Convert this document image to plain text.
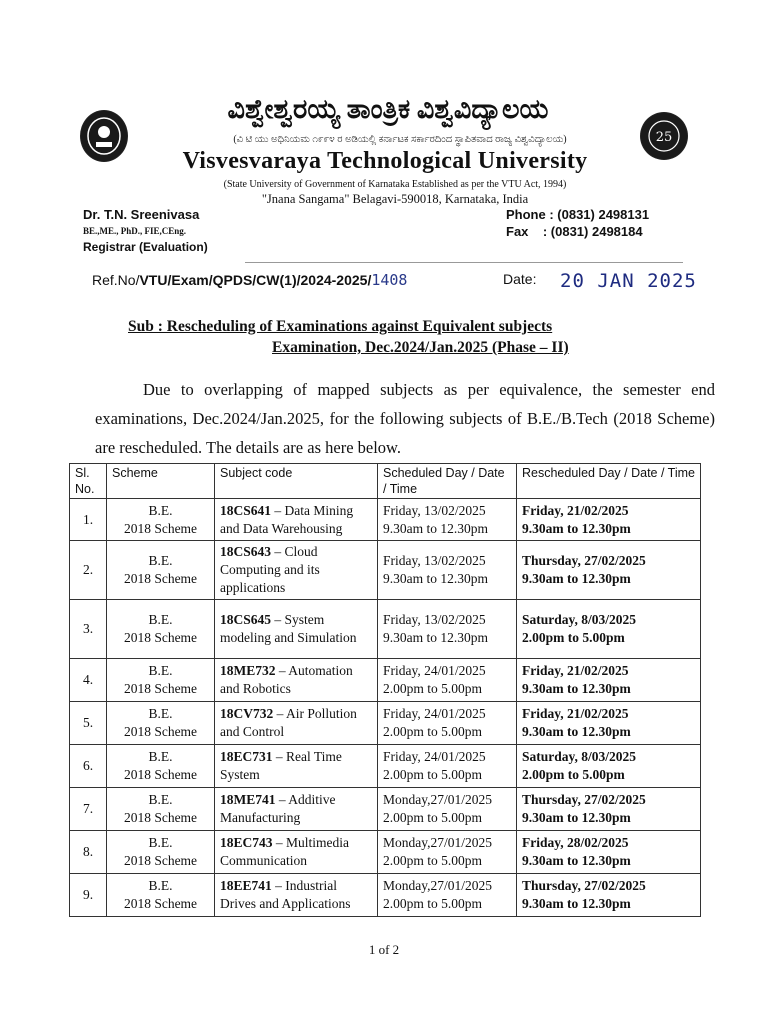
25
ವಿಶ್ವೇಶ್ವರಯ್ಯ ತಾಂತ್ರಿಕ ವಿಶ್ವವಿದ್ಯಾಲಯ
(ವಿ ಟಿ ಯು ಅಧಿನಿಯಮ ೧೯೯೪ ರ ಅಡಿಯಲ್ಲಿ ಕರ್ನಾಟಕ ಸರ್ಕಾರದಿಂದ ಸ್ಥಾಪಿತವಾದ ರಾಜ್ಯ ವಿಶ್ವವಿದ್ಯಾಲಯ)
Visvesvaraya Technological University
(State University of Government of Karnataka Established as per the VTU Act, 1994)
"Jnana Sangama" Belagavi-590018, Karnataka, India
Dr. T.N. Sreenivasa
BE.,ME., PhD., FIE,CEng.
Registrar (Evaluation)
Phone : (0831) 2498131
Fax    : (0831) 2498184
Ref.No/VTU/Exam/QPDS/CW(1)/2024-2025/1408	Date: 20 JAN 2025
Sub : Rescheduling of Examinations against Equivalent subjects
Examination, Dec.2024/Jan.2025 (Phase – II)
Due to overlapping of mapped subjects as per equivalence, the semester end examinations, Dec.2024/Jan.2025, for the following subjects of B.E./B.Tech (2018 Scheme) are rescheduled. The details are as here below.
Sl. No.	Scheme	Subject code	Scheduled Day / Date / Time	Rescheduled Day / Date / Time
1.	B.E.
2018 Scheme	18CS641 – Data Mining and Data Warehousing	Friday, 13/02/2025
9.30am to 12.30pm	Friday, 21/02/2025
9.30am to 12.30pm
2.	B.E.
2018 Scheme	18CS643 – Cloud Computing and its applications	Friday, 13/02/2025
9.30am to 12.30pm	Thursday, 27/02/2025
9.30am to 12.30pm
3.	B.E.
2018 Scheme	18CS645 – System modeling and Simulation	Friday, 13/02/2025
9.30am to 12.30pm	Saturday, 8/03/2025
2.00pm to 5.00pm
4.	B.E.
2018 Scheme	18ME732 – Automation and Robotics	Friday, 24/01/2025
2.00pm to 5.00pm	Friday, 21/02/2025
9.30am to 12.30pm
5.	B.E.
2018 Scheme	18CV732 – Air Pollution and Control	Friday, 24/01/2025
2.00pm to 5.00pm	Friday, 21/02/2025
9.30am to 12.30pm
6.	B.E.
2018 Scheme	18EC731 – Real Time System	Friday, 24/01/2025
2.00pm to 5.00pm	Saturday, 8/03/2025
2.00pm to 5.00pm
7.	B.E.
2018 Scheme	18ME741 – Additive Manufacturing	Monday,27/01/2025
2.00pm to 5.00pm	Thursday, 27/02/2025
9.30am to 12.30pm
8.	B.E.
2018 Scheme	18EC743 – Multimedia Communication	Monday,27/01/2025
2.00pm to 5.00pm	Friday, 28/02/2025
9.30am to 12.30pm
9.	B.E.
2018 Scheme	18EE741 – Industrial Drives and Applications	Monday,27/01/2025
2.00pm to 5.00pm	Thursday, 27/02/2025
9.30am to 12.30pm
1 of 2
